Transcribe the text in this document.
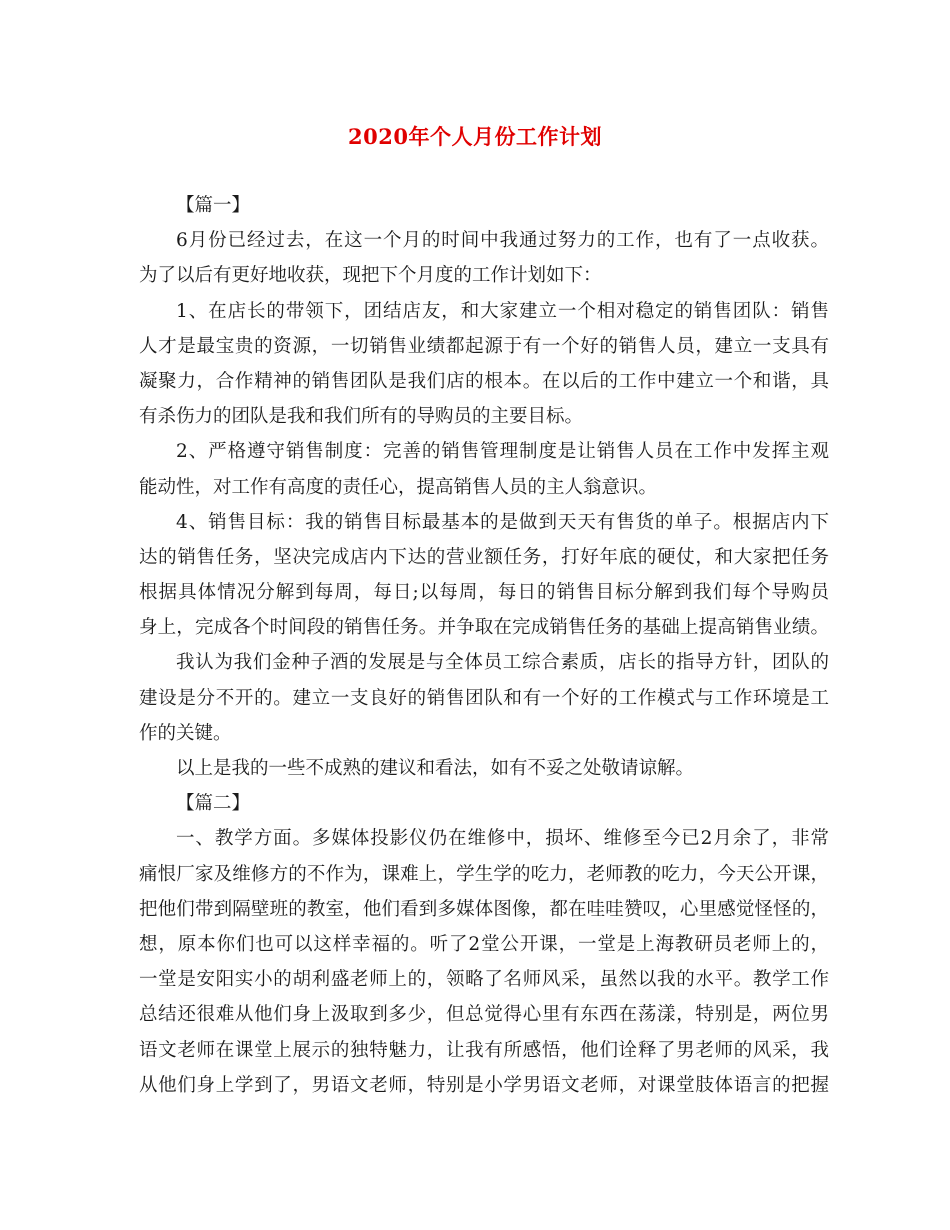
2020年个人月份工作计划
【篇一】
6月份已经过去，在这一个月的时间中我通过努力的工作，也有了一点收获。
为了以后有更好地收获，现把下个月度的工作计划如下：
1、在店长的带领下，团结店友，和大家建立一个相对稳定的销售团队：销售
人才是最宝贵的资源，一切销售业绩都起源于有一个好的销售人员，建立一支具有
凝聚力，合作精神的销售团队是我们店的根本。在以后的工作中建立一个和谐，具
有杀伤力的团队是我和我们所有的导购员的主要目标。
2、严格遵守销售制度：完善的销售管理制度是让销售人员在工作中发挥主观
能动性，对工作有高度的责任心，提高销售人员的主人翁意识。
4、销售目标：我的销售目标最基本的是做到天天有售货的单子。根据店内下
达的销售任务，坚决完成店内下达的营业额任务，打好年底的硬仗，和大家把任务
根据具体情况分解到每周，每日;以每周，每日的销售目标分解到我们每个导购员
身上，完成各个时间段的销售任务。并争取在完成销售任务的基础上提高销售业绩。
我认为我们金种子酒的发展是与全体员工综合素质，店长的指导方针，团队的
建设是分不开的。建立一支良好的销售团队和有一个好的工作模式与工作环境是工
作的关键。
以上是我的一些不成熟的建议和看法，如有不妥之处敬请谅解。
【篇二】
一、教学方面。多媒体投影仪仍在维修中，损坏、维修至今已2月余了，非常
痛恨厂家及维修方的不作为，课难上，学生学的吃力，老师教的吃力，今天公开课，
把他们带到隔壁班的教室，他们看到多媒体图像，都在哇哇赞叹，心里感觉怪怪的，
想，原本你们也可以这样幸福的。听了2堂公开课，一堂是上海教研员老师上的，
一堂是安阳实小的胡利盛老师上的，领略了名师风采，虽然以我的水平。教学工作
总结还很难从他们身上汲取到多少，但总觉得心里有东西在荡漾，特别是，两位男
语文老师在课堂上展示的独特魅力，让我有所感悟，他们诠释了男老师的风采，我
从他们身上学到了，男语文老师，特别是小学男语文老师，对课堂肢体语言的把握
